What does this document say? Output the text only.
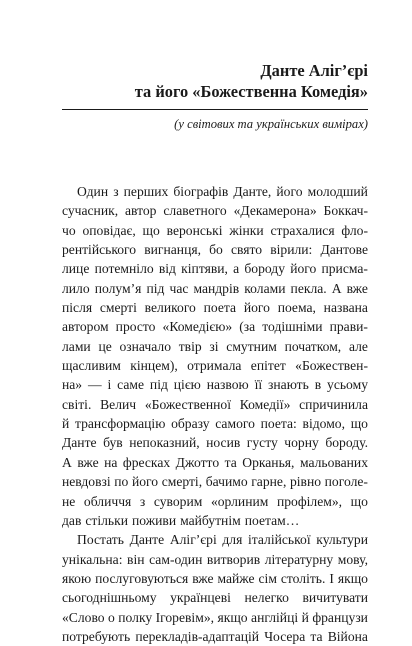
Данте Аліг’єрі
та його «Божественна Комедія»

(у світових та українських вимірах)

Один з перших біографів Данте, його молодший
сучасник, автор славетного «Декамерона» Боккач-
чо оповідає, що веронські жінки страхалися фло-
рентійського вигнанця, бо свято вірили: Дантове
лице потемніло від кіптяви, а бороду його присма-
лило полум’я під час мандрів колами пекла. А вже
після смерті великого поета його поема, названа
автором просто «Комедією» (за тодішніми прави-
лами це означало твір зі смутним початком, але
щасливим кінцем), отримала епітет «Божествен-
на» — і саме під цією назвою її знають в усьому
світі. Велич «Божественної Комедії» спричинила
й трансформацію образу самого поета: відомо, що
Данте був непоказний, носив густу чорну бороду.
А вже на фресках Джотто та Орканья, мальованих
невдовзі по його смерті, бачимо гарне, рівно поголе-
не обличчя з суворим «орлиним профілем», що
дав стільки поживи майбутнім поетам…
Постать Данте Аліг’єрі для італійської культури
унікальна: він сам-один витворив літературну мову,
якою послуговуються вже майже сім століть. І якщо
сьогоднішньому українцеві нелегко вичитувати
«Слово о полку Ігоревім», якщо англійці й французи
потребують перекладів-адаптацій Чосера та Війона
